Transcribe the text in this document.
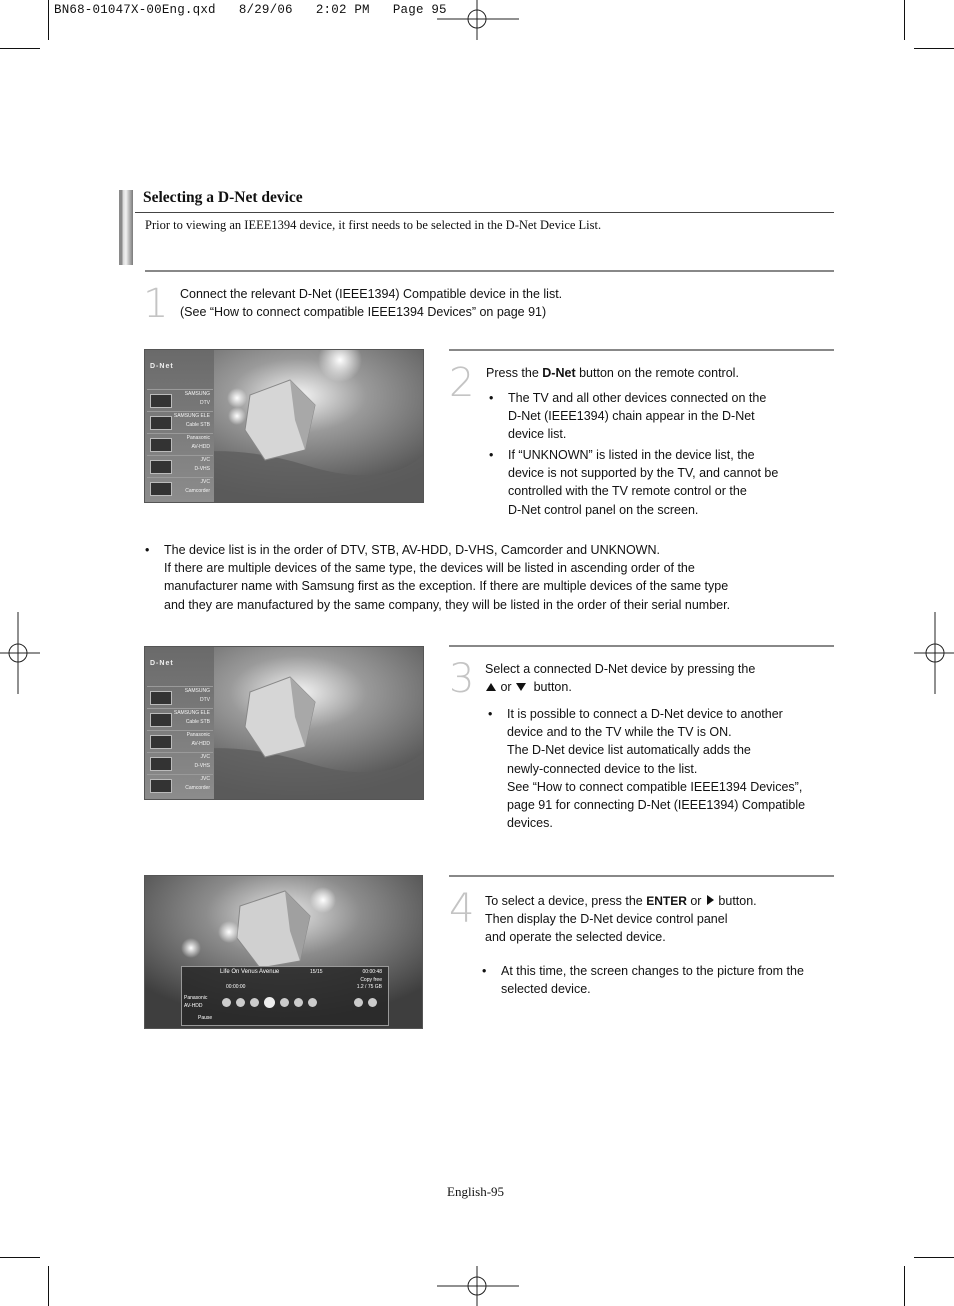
BN68-01047X-00Eng.qxd   8/29/06   2:02 PM   Page 95
Selecting a D-Net device
Prior to viewing an IEEE1394 device, it first needs to be selected in the D-Net Device List.
1 Connect the relevant D-Net (IEEE1394) Compatible device in the list.
(See “How to connect compatible IEEE1394 Devices” on page 91)
D-Net
SAMSUNG
DTV
SAMSUNG ELE
Cable STB
Panasonic
AV-HDD
JVC
D-VHS
JVC
Camcorder
2 Press the D-Net button on the remote control.
• The TV and all other devices connected on the
D-Net (IEEE1394) chain appear in the D-Net
device list.
• If “UNKNOWN” is listed in the device list, the
device is not supported by the TV, and cannot be
controlled with the TV remote control or the
D-Net control panel on the screen.
• The device list is in the order of DTV, STB, AV-HDD, D-VHS, Camcorder and UNKNOWN.
If there are multiple devices of the same type, the devices will be listed in ascending order of the
manufacturer name with Samsung first as the exception. If there are multiple devices of the same type
and they are manufactured by the same company, they will be listed in the order of their serial number.
D-Net
SAMSUNG
DTV
SAMSUNG ELE
Cable STB
Panasonic
AV-HDD
JVC
D-VHS
JVC
Camcorder
3 Select a connected D-Net device by pressing the
or button.
• It is possible to connect a D-Net device to another
device and to the TV while the TV is ON.
The D-Net device list automatically adds the
newly-connected device to the list.
See “How to connect compatible IEEE1394 Devices”,
page 91 for connecting D-Net (IEEE1394) Compatible
devices.
Life On Venus Avenue	15/15	00:00:48
Copy free
00:00:00	1.2 / 75 GB
Panasonic
AV-HDD
Pause
4 To select a device, press the ENTER or  button.
Then display the D-Net device control panel
and operate the selected device.
• At this time, the screen changes to the picture from the
selected device.
English-95
